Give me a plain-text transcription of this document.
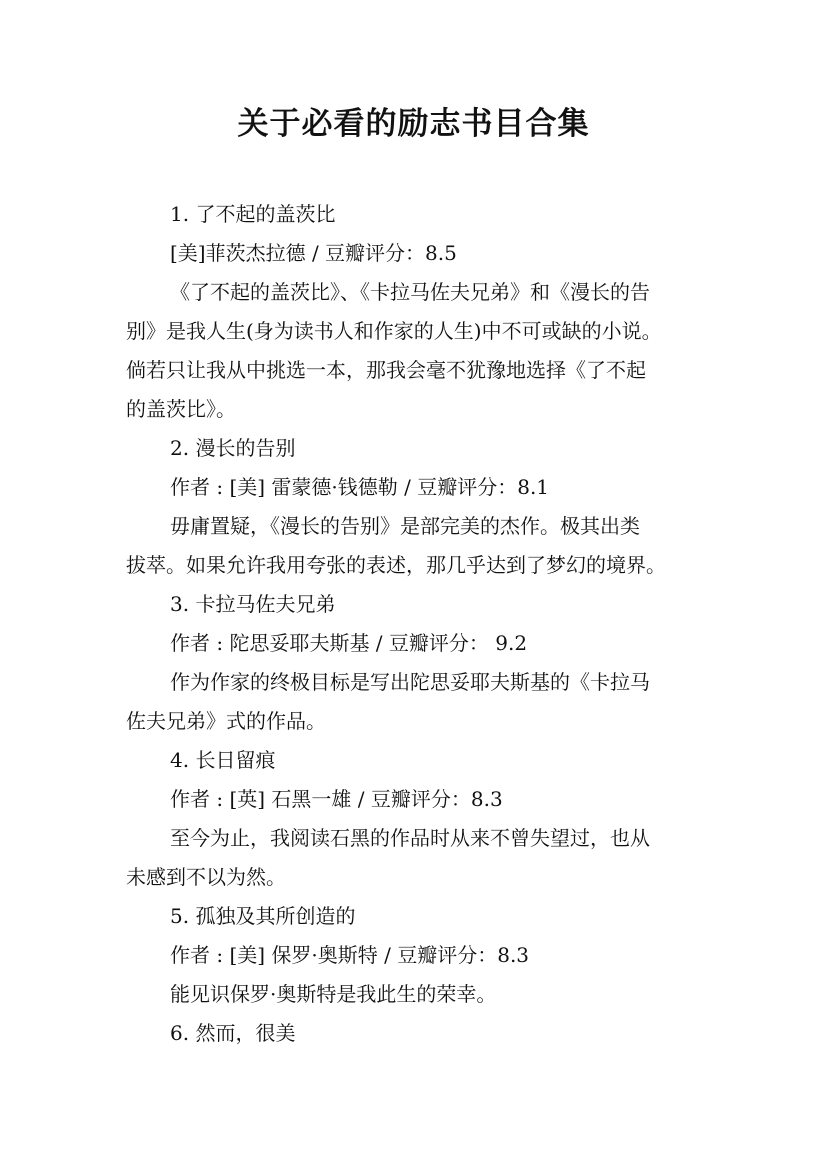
关于必看的励志书目合集
1. 了不起的盖茨比
[美]菲茨杰拉德 / 豆瓣评分：8.5
《了不起的盖茨比》、《卡拉马佐夫兄弟》和《漫长的告
别》是我人生(身为读书人和作家的人生)中不可或缺的小说。
倘若只让我从中挑选一本，那我会毫不犹豫地选择《了不起
的盖茨比》。
2. 漫长的告别
作者 : [美] 雷蒙德·钱德勒 / 豆瓣评分：8.1
毋庸置疑，《漫长的告别》是部完美的杰作。极其出类
拔萃。如果允许我用夸张的表述，那几乎达到了梦幻的境界。
3. 卡拉马佐夫兄弟
作者 : 陀思妥耶夫斯基 / 豆瓣评分： 9.2
作为作家的终极目标是写出陀思妥耶夫斯基的《卡拉马
佐夫兄弟》式的作品。
4. 长日留痕
作者 : [英] 石黑一雄 / 豆瓣评分：8.3
至今为止，我阅读石黑的作品时从来不曾失望过，也从
未感到不以为然。
5. 孤独及其所创造的
作者 : [美] 保罗·奥斯特 / 豆瓣评分：8.3
能见识保罗·奥斯特是我此生的荣幸。
6. 然而，很美
